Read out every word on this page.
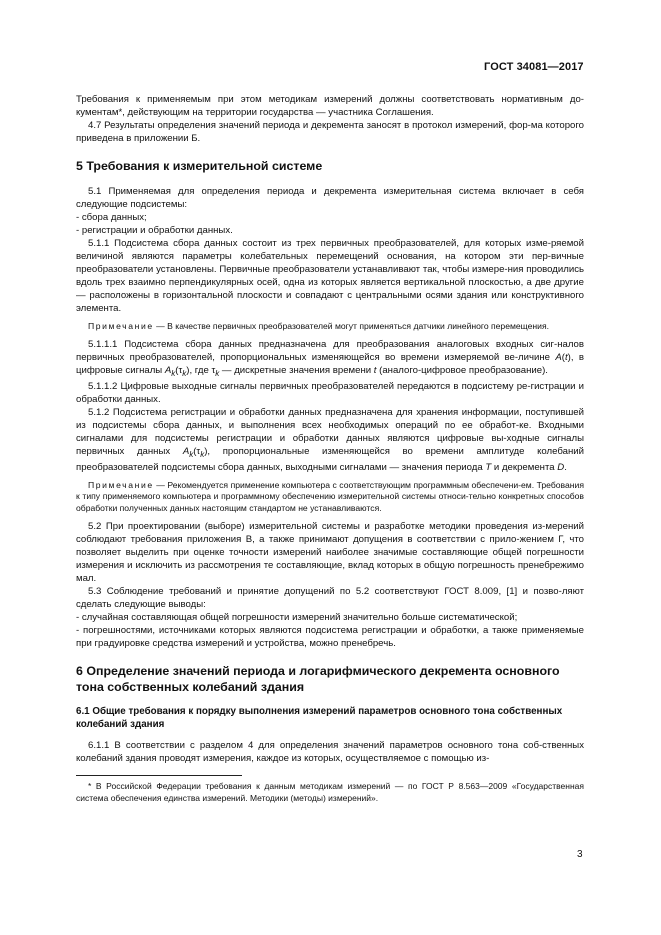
ГОСТ 34081—2017

Требования к применяемым при этом методикам измерений должны соответствовать нормативным до-кументам*, действующим на территории государства — участника Соглашения.

4.7 Результаты определения значений периода и декремента заносят в протокол измерений, фор-ма которого приведена в приложении Б.

5 Требования к измерительной системе

5.1 Применяемая для определения периода и декремента измерительная система включает в себя следующие подсистемы:

- сбора данных;

- регистрации и обработки данных.

5.1.1 Подсистема сбора данных состоит из трех первичных преобразователей, для которых изме-ряемой величиной являются параметры колебательных перемещений основания, на котором эти пер-вичные преобразователи установлены. Первичные преобразователи устанавливают так, чтобы измере-ния проводились вдоль трех взаимно перпендикулярных осей, одна из которых является вертикальной плоскостью, а две другие — расположены в горизонтальной плоскости и совпадают с центральными осями здания или конструктивного элемента.

Примечание — В качестве первичных преобразователей могут применяться датчики линейного перемещения.

5.1.1.1 Подсистема сбора данных предназначена для преобразования аналоговых входных сиг-налов первичных преобразователей, пропорциональных изменяющейся во времени измеряемой ве-личине A(t), в цифровые сигналы $A_k(\tau_k)$, где $\tau_k$ — дискретные значения времени t (аналого-цифровое преобразование).

5.1.1.2 Цифровые выходные сигналы первичных преобразователей передаются в подсистему ре-гистрации и обработки данных.

5.1.2 Подсистема регистрации и обработки данных предназначена для хранения информации, поступившей из подсистемы сбора данных, и выполнения всех необходимых операций по ее обработ-ке. Входными сигналами для подсистемы регистрации и обработки данных являются цифровые вы-ходные сигналы первичных данных $A_k(\tau_k)$, пропорциональные изменяющейся во времени амплитуде колебаний преобразователей подсистемы сбора данных, выходными сигналами — значения периода T и декремента D.

Примечание — Рекомендуется применение компьютера с соответствующим программным обеспечени-ем. Требования к типу применяемого компьютера и программному обеспечению измерительной системы относи-тельно конкретных способов обработки полученных данных настоящим стандартом не устанавливаются.

5.2 При проектировании (выборе) измерительной системы и разработке методики проведения из-мерений соблюдают требования приложения В, а также принимают допущения в соответствии с прило-жением Г, что позволяет выделить при оценке точности измерений наиболее значимые составляющие общей погрешности измерения и исключить из рассмотрения те составляющие, вклад которых в общую погрешность пренебрежимо мал.

5.3 Соблюдение требований и принятие допущений по 5.2 соответствуют ГОСТ 8.009, [1] и позво-ляют сделать следующие выводы:

- случайная составляющая общей погрешности измерений значительно больше систематической;

- погрешностями, источниками которых являются подсистема регистрации и обработки, а также применяемые при градуировке средства измерений и устройства, можно пренебречь.

6 Определение значений периода и логарифмического декремента основного тона собственных колебаний здания
6.1 Общие требования к порядку выполнения измерений параметров основного тона собственных колебаний здания

6.1.1 В соответствии с разделом 4 для определения значений параметров основного тона соб-ственных колебаний здания проводят измерения, каждое из которых, осуществляемое с помощью из-

* В Российской Федерации требования к данным методикам измерений — по ГОСТ Р 8.563—2009 «Государственная система обеспечения единства измерений. Методики (методы) измерений».

3
